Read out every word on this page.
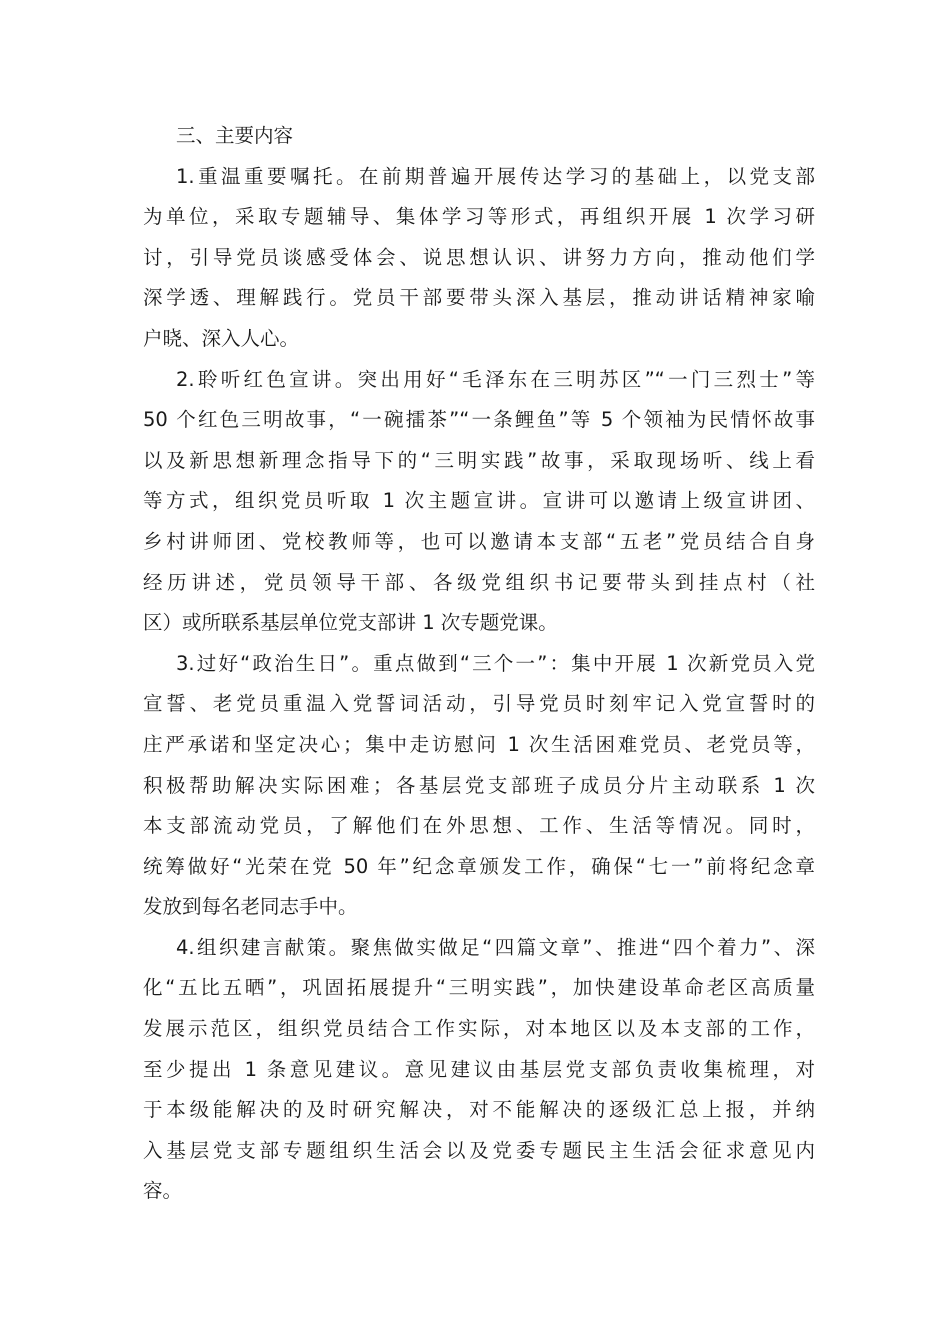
三、主要内容

1.重温重要嘱托。在前期普遍开展传达学习的基础上，以党支部
为单位，采取专题辅导、集体学习等形式，再组织开展 1 次学习研
讨，引导党员谈感受体会、说思想认识、讲努力方向，推动他们学
深学透、理解践行。党员干部要带头深入基层，推动讲话精神家喻
户晓、深入人心。

2.聆听红色宣讲。突出用好“毛泽东在三明苏区”“一门三烈士”等
50 个红色三明故事，“一碗擂茶”“一条鲤鱼”等 5 个领袖为民情怀故事
以及新思想新理念指导下的“三明实践”故事，采取现场听、线上看
等方式，组织党员听取 1 次主题宣讲。宣讲可以邀请上级宣讲团、
乡村讲师团、党校教师等，也可以邀请本支部“五老”党员结合自身
经历讲述，党员领导干部、各级党组织书记要带头到挂点村（社
区）或所联系基层单位党支部讲 1 次专题党课。

3.过好“政治生日”。重点做到“三个一”：集中开展 1 次新党员入党
宣誓、老党员重温入党誓词活动，引导党员时刻牢记入党宣誓时的
庄严承诺和坚定决心；集中走访慰问 1 次生活困难党员、老党员等，
积极帮助解决实际困难；各基层党支部班子成员分片主动联系 1 次
本支部流动党员，了解他们在外思想、工作、生活等情况。同时，
统筹做好“光荣在党 50 年”纪念章颁发工作，确保“七一”前将纪念章
发放到每名老同志手中。

4.组织建言献策。聚焦做实做足“四篇文章”、推进“四个着力”、深
化“五比五晒”，巩固拓展提升“三明实践”，加快建设革命老区高质量
发展示范区，组织党员结合工作实际，对本地区以及本支部的工作，
至少提出 1 条意见建议。意见建议由基层党支部负责收集梳理，对
于本级能解决的及时研究解决，对不能解决的逐级汇总上报，并纳
入基层党支部专题组织生活会以及党委专题民主生活会征求意见内
容。
